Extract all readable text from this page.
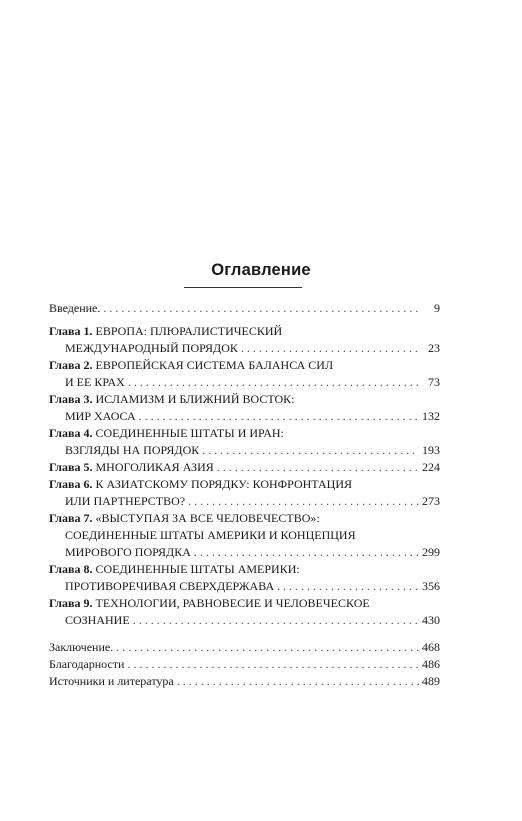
Оглавление
Введение. . . .	9
Глава 1.
ЕВРОПА: ПЛЮРАЛИСТИЧЕСКИЙ
МЕЖДУНАРОДНЫЙ ПОРЯДОК . . .	23
Глава 2.
ЕВРОПЕЙСКАЯ СИСТЕМА БАЛАНСА СИЛ
И ЕЕ КРАХ . . .	73
Глава 3.
ИСЛАМИЗМ И БЛИЖНИЙ ВОСТОК:
МИР ХАОСА . . .	132
Глава 4.
СОЕДИНЕННЫЕ ШТАТЫ И ИРАН:
ВЗГЛЯДЫ НА ПОРЯДОК . . .	193
Глава 5.
МНОГОЛИКАЯ АЗИЯ . . .	224
Глава 6.
К АЗИАТСКОМУ ПОРЯДКУ: КОНФРОНТАЦИЯ
ИЛИ ПАРТНЕРСТВО? . . .	273
Глава 7.
«ВЫСТУПАЯ ЗА ВСЕ ЧЕЛОВЕЧЕСТВО»:
СОЕДИНЕННЫЕ ШТАТЫ АМЕРИКИ И КОНЦЕПЦИЯ
МИРОВОГО ПОРЯДКА . . .	299
Глава 8.
СОЕДИНЕННЫЕ ШТАТЫ АМЕРИКИ:
ПРОТИВОРЕЧИВАЯ СВЕРХДЕРЖАВА . . .	356
Глава 9.
ТЕХНОЛОГИИ, РАВНОВЕСИЕ И ЧЕЛОВЕЧЕСКОЕ
СОЗНАНИЕ . . .	430
Заключение. . . .	468
Благодарности . . .	486
Источники и литература . . .	489
